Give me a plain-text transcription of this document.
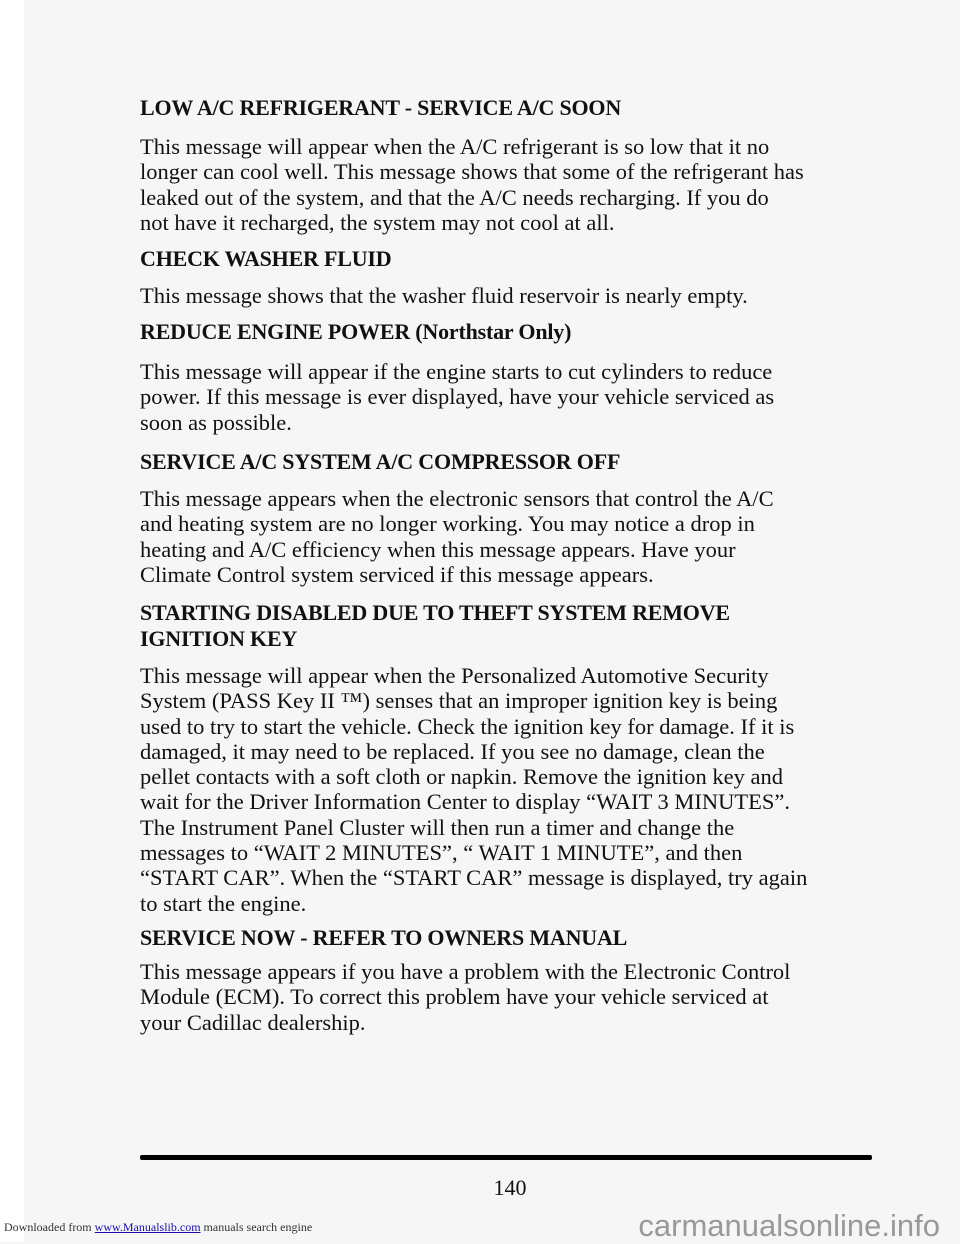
LOW A/C REFRIGERANT - SERVICE A/C SOON
This message will appear when the A/C refrigerant is so low that it no
longer can cool well. This message shows that some of the refrigerant has
leaked out of the system, and that the A/C needs recharging. If you do
not have it recharged, the system may not cool at all.
CHECK WASHER FLUID
This message shows that the washer fluid reservoir is nearly empty.
REDUCE ENGINE POWER (Northstar Only)
This message will appear if the engine starts to cut cylinders to reduce
power. If this message is ever displayed, have your vehicle serviced as
soon as possible.
SERVICE A/C SYSTEM A/C COMPRESSOR OFF
This message appears when the electronic sensors that control the A/C
and heating system are no longer working. You may notice a drop in
heating and A/C efficiency when this message appears. Have your
Climate Control system serviced if this message appears.
STARTING DISABLED DUE TO THEFT SYSTEM REMOVE
IGNITION KEY
This message will appear when the Personalized Automotive Security
System (PASS Key II ™) senses that an improper ignition key is being
used to try to start the vehicle. Check the ignition key for damage. If it is
damaged, it may need to be replaced. If you see no damage, clean the
pellet contacts with a soft cloth or napkin. Remove the ignition key and
wait for the Driver Information Center to display “WAIT 3 MINUTES”.
The Instrument Panel Cluster will then run a timer and change the
messages to “WAIT 2 MINUTES”, “ WAIT 1 MINUTE”, and then
“START CAR”. When the “START CAR” message is displayed, try again
to start the engine.
SERVICE NOW - REFER TO OWNERS MANUAL
This message appears if you have a problem with the Electronic Control
Module (ECM). To correct this problem have your vehicle serviced at
your Cadillac dealership.
140
Downloaded from www.Manualslib.com manuals search engine	carmanualsonline.info
